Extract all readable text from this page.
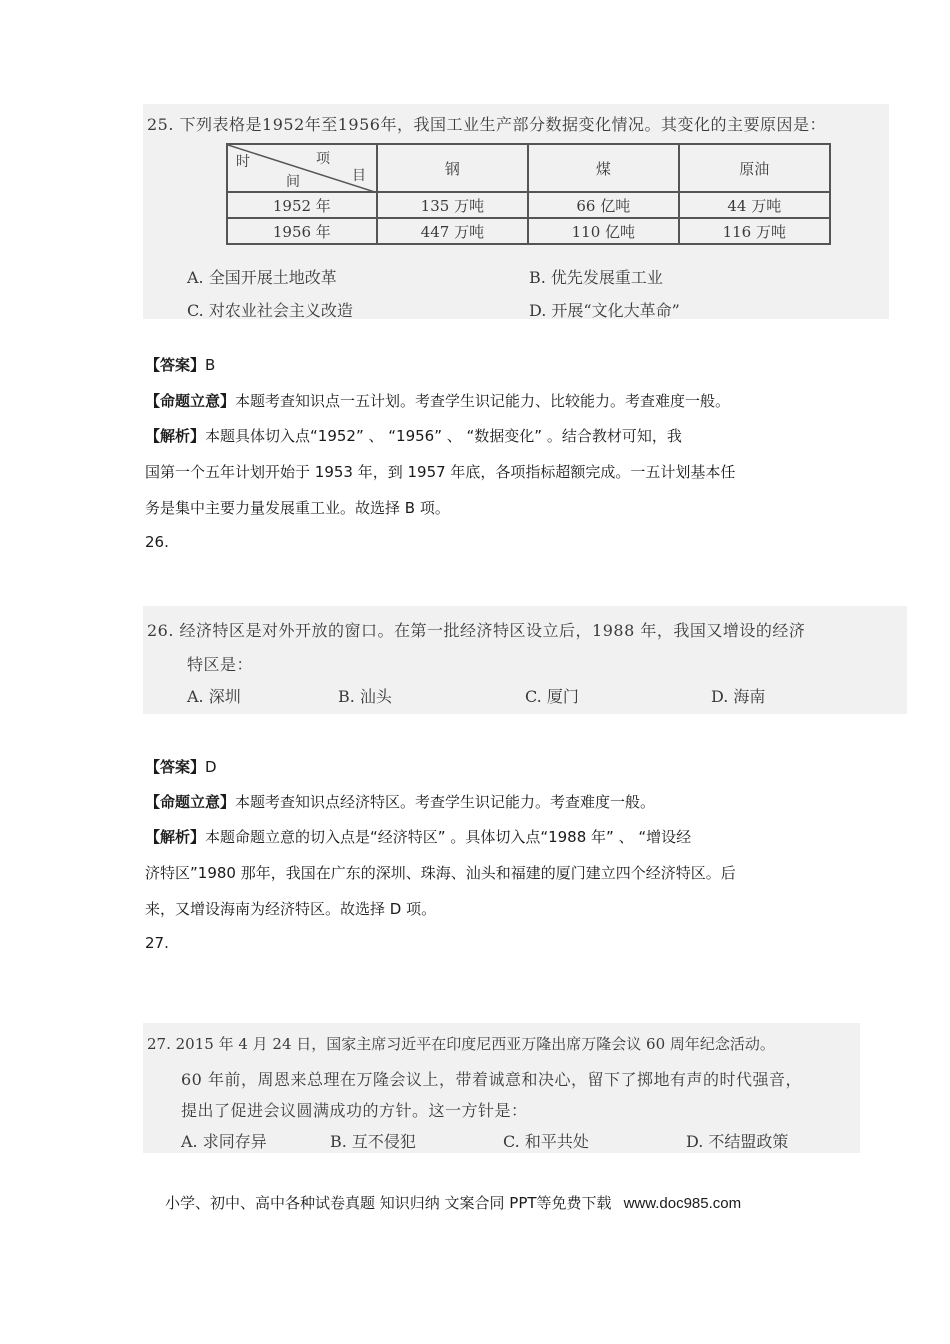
25. 下列表格是1952年至1956年，我国工业生产部分数据变化情况。其变化的主要原因是：
时 项
目
间	钢	煤	原油
1952 年	135 万吨	66 亿吨	44 万吨
1956 年	447 万吨	110 亿吨	116 万吨
A. 全国开展土地改革	B. 优先发展重工业
C. 对农业社会主义改造	D. 开展“文化大革命”
【答案】B
【命题立意】本题考查知识点一五计划。考查学生识记能力、比较能力。考查难度一般。
【解析】本题具体切入点“1952” 、 “1956” 、 “数据变化” 。结合教材可知，我
国第一个五年计划开始于 1953 年，到 1957 年底，各项指标超额完成。一五计划基本任
务是集中主要力量发展重工业。故选择 B 项。
26.
26. 经济特区是对外开放的窗口。在第一批经济特区设立后，1988 年，我国又增设的经济
特区是：
A. 深圳	B. 汕头	C. 厦门	D. 海南
【答案】D
【命题立意】本题考查知识点经济特区。考查学生识记能力。考查难度一般。
【解析】本题命题立意的切入点是“经济特区” 。具体切入点“1988 年” 、 “增设经
济特区”1980 那年，我国在广东的深圳、珠海、汕头和福建的厦门建立四个经济特区。后
来，又增设海南为经济特区。故选择 D 项。
27.
27. 2015 年 4 月 24 日，国家主席习近平在印度尼西亚万隆出席万隆会议 60 周年纪念活动。
60 年前，周恩来总理在万隆会议上，带着诚意和决心，留下了掷地有声的时代强音，
提出了促进会议圆满成功的方针。这一方针是：
A. 求同存异	B. 互不侵犯	C. 和平共处	D. 不结盟政策
小学、初中、高中各种试卷真题 知识归纳 文案合同 PPT等免费下载 www.doc985.com
